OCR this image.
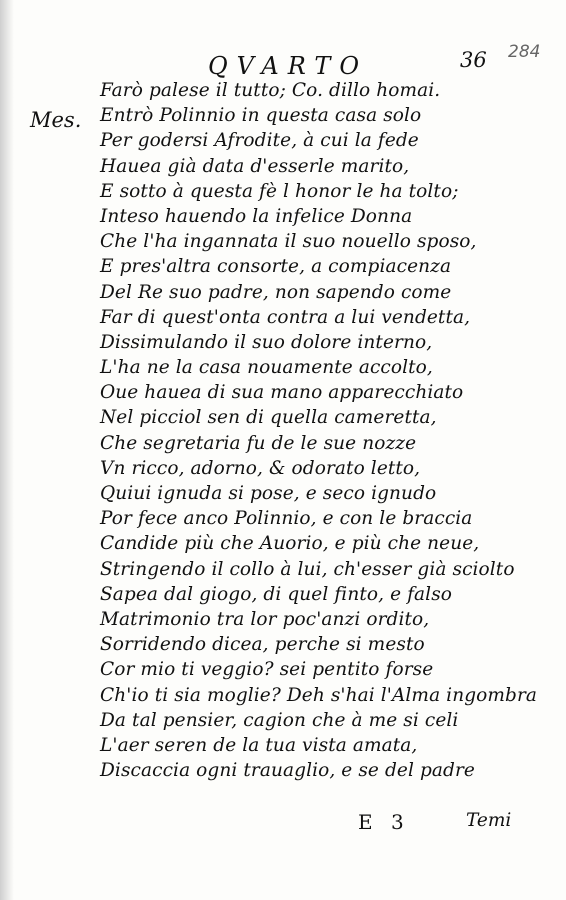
QVARTO	36 284
Mes.
Farò palese il tutto; Co. dillo homai.
Entrò Polinnio in questa casa solo
Per godersi Afrodite, à cui la fede
Hauea già data d'esserle marito,
E sotto à questa fè l honor le ha tolto;
Inteso hauendo la infelice Donna
Che l'ha ingannata il suo nouello sposo,
E pres'altra consorte, a compiacenza
Del Re suo padre, non sapendo come
Far di quest'onta contra a lui vendetta,
Dissimulando il suo dolore interno,
L'ha ne la casa nouamente accolto,
Oue hauea di sua mano apparecchiato
Nel picciol sen di quella cameretta,
Che segretaria fu de le sue nozze
Vn ricco, adorno, & odorato letto,
Quiui ignuda si pose, e seco ignudo
Por fece anco Polinnio, e con le braccia
Candide più che Auorio, e più che neue,
Stringendo il collo à lui, ch'esser già sciolto
Sapea dal giogo, di quel finto, e falso
Matrimonio tra lor poc'anzi ordito,
Sorridendo dicea, perche si mesto
Cor mio ti veggio? sei pentito forse
Ch'io ti sia moglie? Deh s'hai l'Alma ingombra
Da tal pensier, cagion che à me si celi
L'aer seren de la tua vista amata,
Discaccia ogni trauaglio, e se del padre
E 3	Temi
